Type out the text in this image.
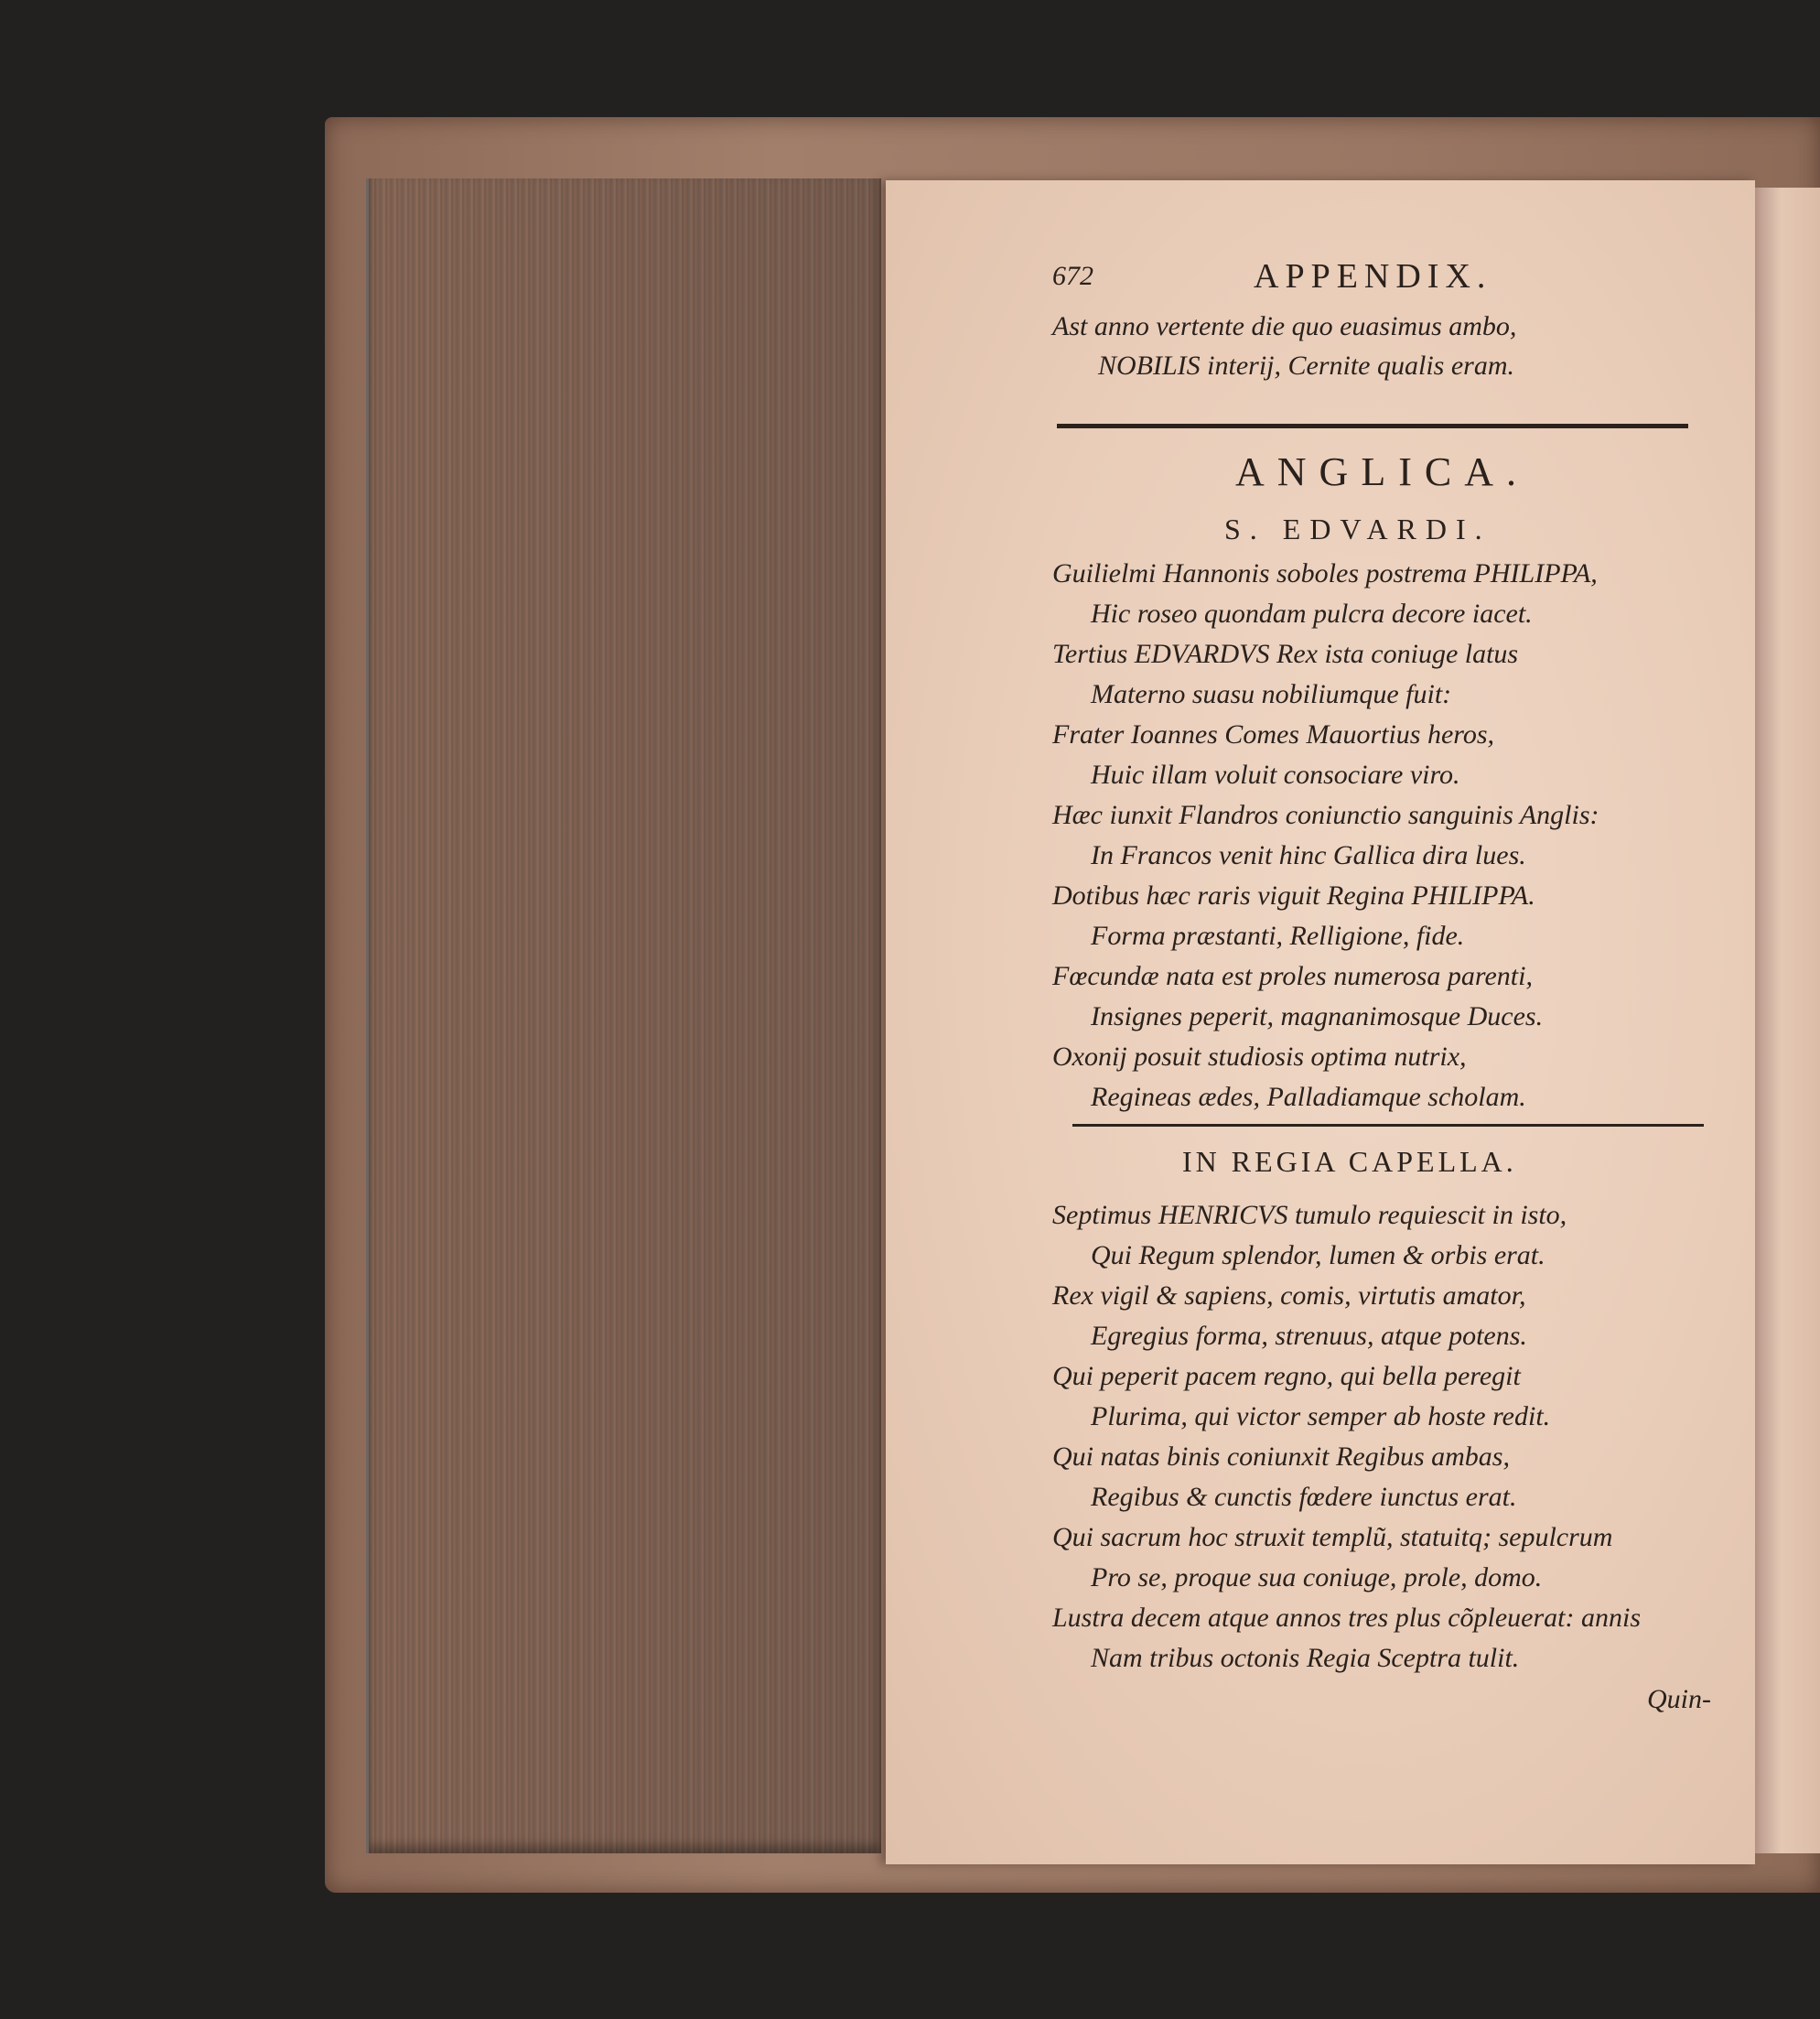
672	APPENDIX.
Ast anno vertente die quo euasimus ambo,
NOBILIS interij, Cernite qualis eram.
ANGLICA.
S. EDVARDI.
Guilielmi Hannonis soboles postrema PHILIPPA,
Hic roseo quondam pulcra decore iacet.
Tertius EDVARDVS Rex ista coniuge latus
Materno suasu nobiliumque fuit:
Frater Ioannes Comes Mauortius heros,
Huic illam voluit consociare viro.
Hæc iunxit Flandros coniunctio sanguinis Anglis:
In Francos venit hinc Gallica dira lues.
Dotibus hæc raris viguit Regina PHILIPPA.
Forma præstanti, Relligione, fide.
Fœcundæ nata est proles numerosa parenti,
Insignes peperit, magnanimosque Duces.
Oxonij posuit studiosis optima nutrix,
Regineas ædes, Palladiamque scholam.
IN REGIA CAPELLA.
Septimus HENRICVS tumulo requiescit in isto,
Qui Regum splendor, lumen & orbis erat.
Rex vigil & sapiens, comis, virtutis amator,
Egregius forma, strenuus, atque potens.
Qui peperit pacem regno, qui bella peregit
Plurima, qui victor semper ab hoste redit.
Qui natas binis coniunxit Regibus ambas,
Regibus & cunctis fœdere iunctus erat.
Qui sacrum hoc struxit templũ, statuitq; sepulcrum
Pro se, proque sua coniuge, prole, domo.
Lustra decem atque annos tres plus cõpleuerat: annis
Nam tribus octonis Regia Sceptra tulit.
Quin-
